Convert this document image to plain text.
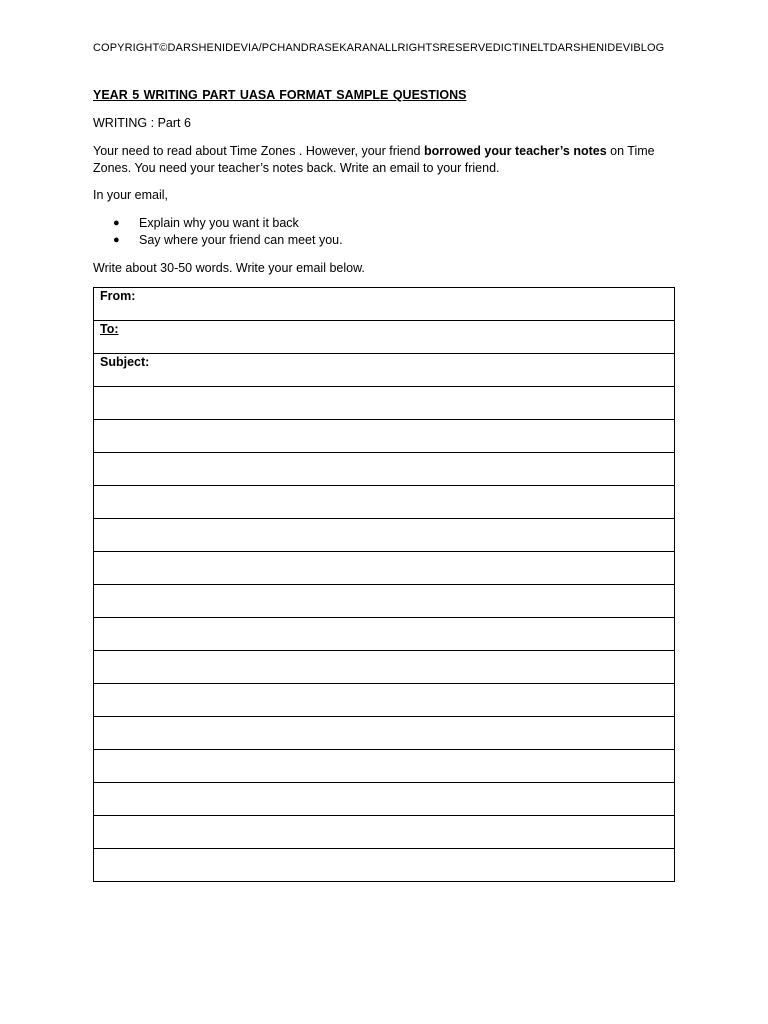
COPYRIGHT©DARSHENIDEVIA/PCHANDRASEKARANALLRIGHTSRESERVEDICTINELTDARSHENIDEVIBLOG
YEAR 5 WRITING PART UASA FORMAT SAMPLE QUESTIONS
WRITING : Part 6
Your need to read about Time Zones . However, your friend borrowed your teacher’s notes on Time Zones. You need your teacher’s notes back. Write an email to your friend.
In your email,
● Explain why you want it back
● Say where your friend can meet you.
Write about 30-50 words. Write your email below.
From:
To:
Subject:
